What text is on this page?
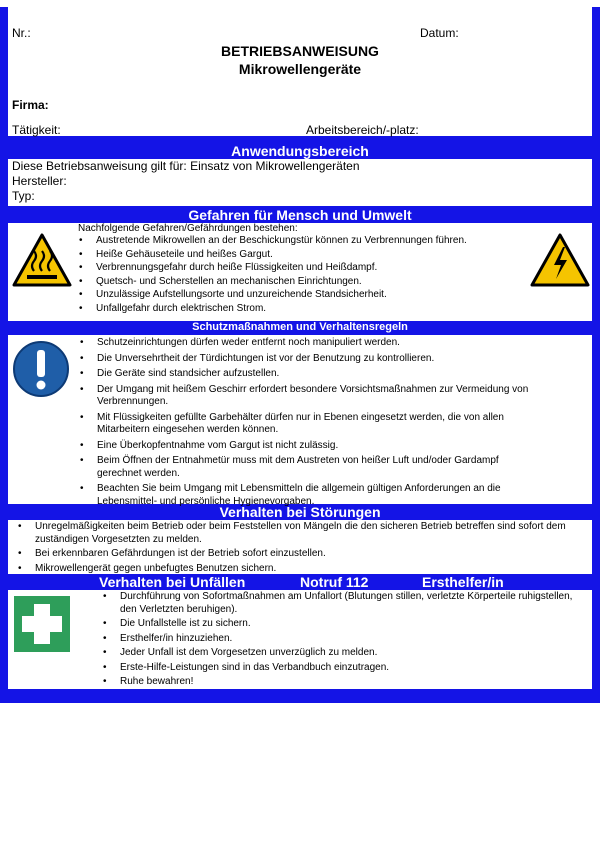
Nr.:	Datum:
BETRIEBSANWEISUNG
Mikrowellengeräte
Firma:
Tätigkeit:	Arbeitsbereich/-platz:
Anwendungsbereich
Diese Betriebsanweisung gilt für: Einsatz von Mikrowellengeräten
Hersteller:
Typ:
Gefahren für Mensch und Umwelt
Nachfolgende Gefahren/Gefährdungen bestehen:
• Austretende Mikrowellen an der Beschickungstür können zu Verbrennungen führen.
• Heiße Gehäuseteile und heißes Gargut.
• Verbrennungsgefahr durch heiße Flüssigkeiten und Heißdampf.
• Quetsch- und Scherstellen an mechanischen Einrichtungen.
• Unzulässige Aufstellungsorte und unzureichende Standsicherheit.
• Unfallgefahr durch elektrischen Strom.
Schutzmaßnahmen und Verhaltensregeln
• Schutzeinrichtungen dürfen weder entfernt noch manipuliert werden.
• Die Unversehrtheit der Türdichtungen ist vor der Benutzung zu kontrollieren.
• Die Geräte sind standsicher aufzustellen.
• Der Umgang mit heißem Geschirr erfordert besondere Vorsichtsmaßnahmen zur Vermeidung von Verbrennungen.
• Mit Flüssigkeiten gefüllte Garbehälter dürfen nur in Ebenen eingesetzt werden, die von allen Mitarbeitern eingesehen werden können.
• Eine Überkopfentnahme vom Gargut ist nicht zulässig.
• Beim Öffnen der Entnahmetür muss mit dem Austreten von heißer Luft und/oder Gardampf gerechnet werden.
• Beachten Sie beim Umgang mit Lebensmitteln die allgemein gültigen Anforderungen an die Lebensmittel- und persönliche Hygienevorgaben.
Verhalten bei Störungen
• Unregelmäßigkeiten beim Betrieb oder beim Feststellen von Mängeln die den sicheren Betrieb betreffen sind sofort dem zuständigen Vorgesetzten zu melden.
• Bei erkennbaren Gefährdungen ist der Betrieb sofort einzustellen.
• Mikrowellengerät gegen unbefugtes Benutzen sichern.
Verhalten bei Unfällen	Notruf 112	Ersthelfer/in
• Durchführung von Sofortmaßnahmen am Unfallort (Blutungen stillen, verletzte Körperteile ruhigstellen, den Verletzten beruhigen).
• Die Unfallstelle ist zu sichern.
• Ersthelfer/in hinzuziehen.
• Jeder Unfall ist dem Vorgesetzen unverzüglich zu melden.
• Erste-Hilfe-Leistungen sind in das Verbandbuch einzutragen.
• Ruhe bewahren!
